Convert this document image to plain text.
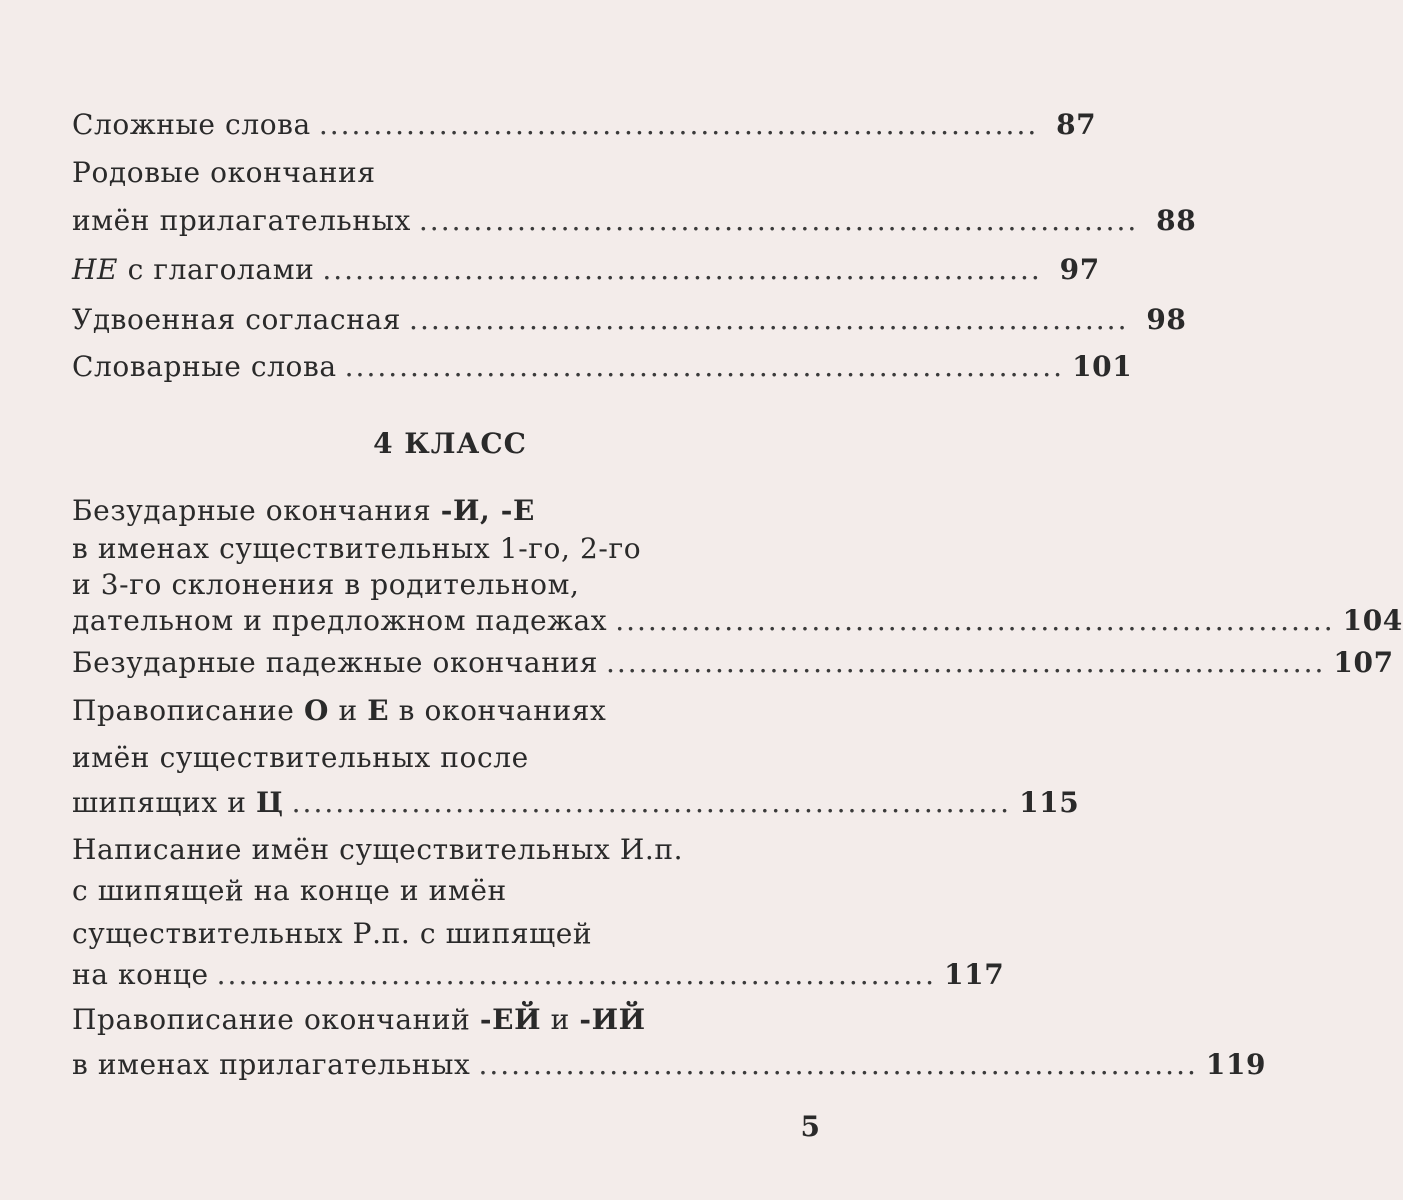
Сложные слова .................................................................. 87
Родовые окончания
имён прилагательных .................................................................. 88
НЕ с глаголами .................................................................. 97
Удвоенная согласная .................................................................. 98
Словарные слова .................................................................. 101
4 КЛАСС
Безударные окончания -И, -Е
в именах существительных 1-го, 2-го
и 3-го склонения в родительном,
дательном и предложном падежах .................................................................. 104
Безударные падежные окончания .................................................................. 107
Правописание О и Е в окончаниях
имён существительных после
шипящих и Ц .................................................................. 115
Написание имён существительных И.п.
с шипящей на конце и имён
существительных Р.п. с шипящей
на конце .................................................................. 117
Правописание окончаний -ЕЙ и -ИЙ
в именах прилагательных .................................................................. 119
5
